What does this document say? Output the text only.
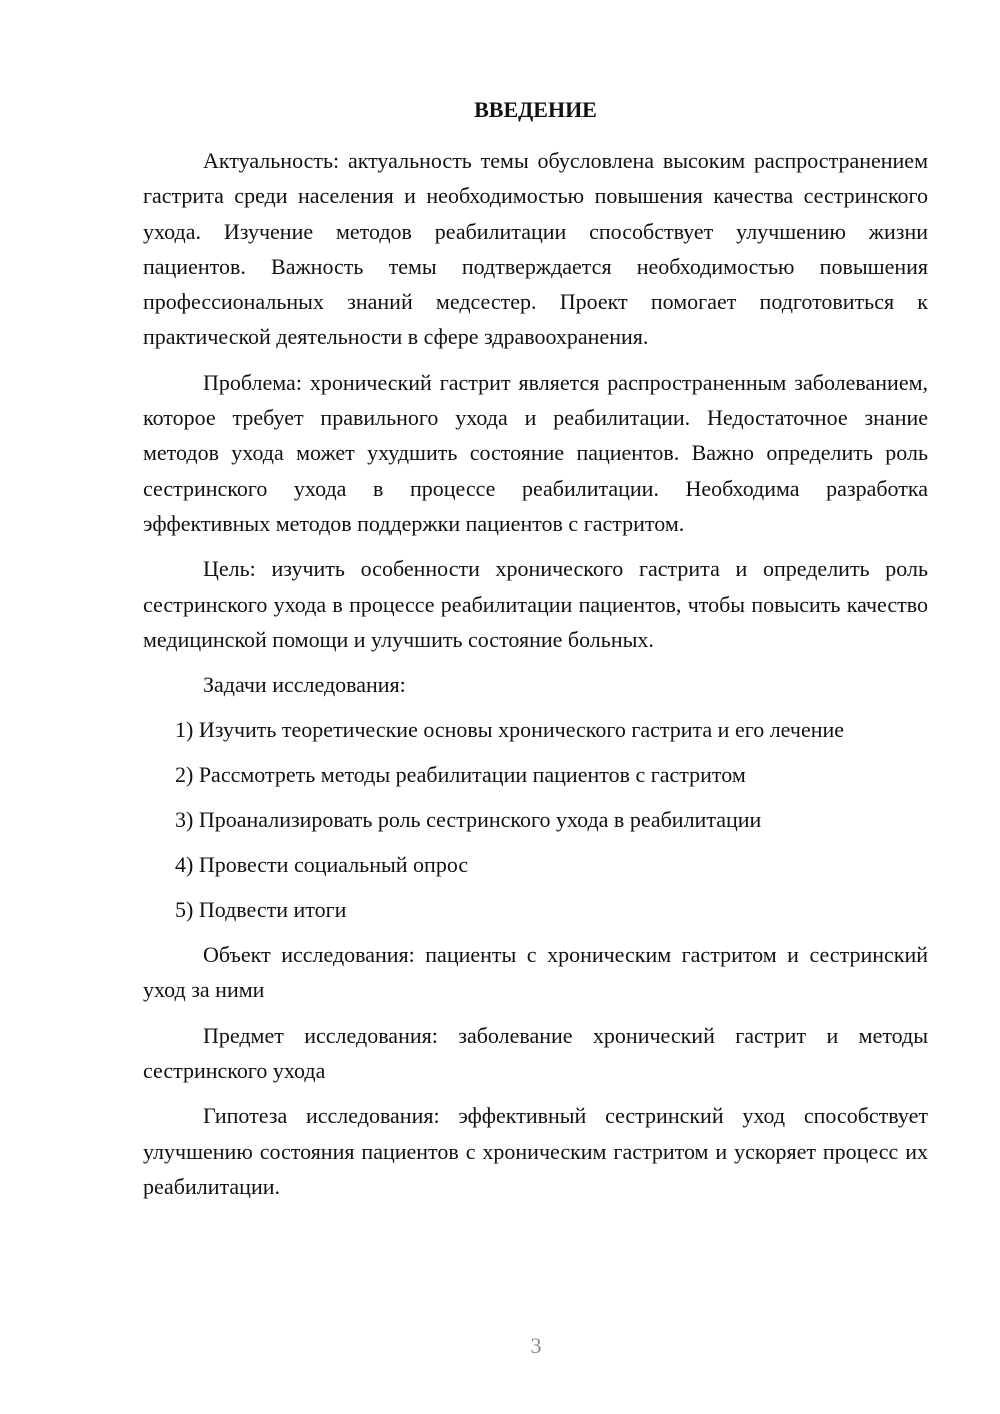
ВВЕДЕНИЕ

Актуальность: актуальность темы обусловлена высоким распространением гастрита среди населения и необходимостью повышения качества сестринского ухода. Изучение методов реабилитации способствует улучшению жизни пациентов. Важность темы подтверждается необходимостью повышения профессиональных знаний медсестер. Проект помогает подготовиться к практической деятельности в сфере здравоохранения.

Проблема: хронический гастрит является распространенным заболеванием, которое требует правильного ухода и реабилитации. Недостаточное знание методов ухода может ухудшить состояние пациентов. Важно определить роль сестринского ухода в процессе реабилитации. Необходима разработка эффективных методов поддержки пациентов с гастритом.

Цель: изучить особенности хронического гастрита и определить роль сестринского ухода в процессе реабилитации пациентов, чтобы повысить качество медицинской помощи и улучшить состояние больных.

Задачи исследования:

1) Изучить теоретические основы хронического гастрита и его лечение
2) Рассмотреть методы реабилитации пациентов с гастритом
3) Проанализировать роль сестринского ухода в реабилитации
4) Провести социальный опрос
5) Подвести итоги

Объект исследования: пациенты с хроническим гастритом и сестринский уход за ними

Предмет исследования: заболевание хронический гастрит и методы сестринского ухода

Гипотеза исследования: эффективный сестринский уход способствует улучшению состояния пациентов с хроническим гастритом и ускоряет процесс их реабилитации.

3
